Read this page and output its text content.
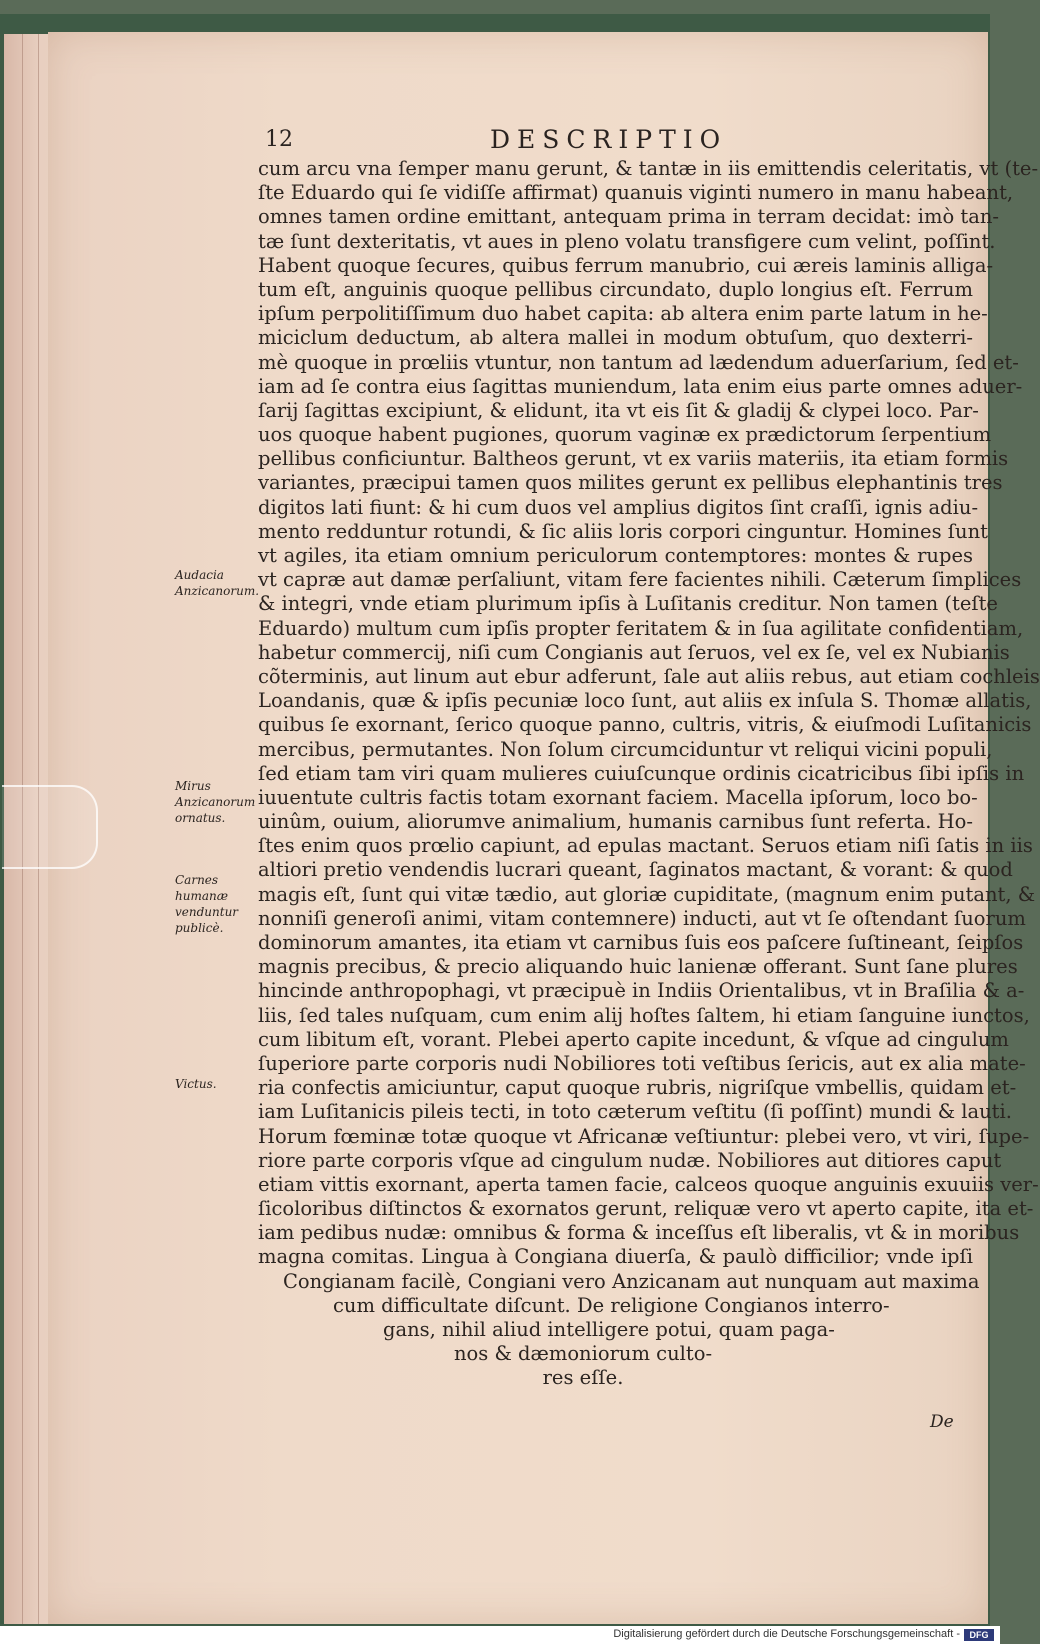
12	DESCRIPTIO
cum arcu vna ſemper manu gerunt, & tantæ in iis emittendis celeritatis, vt (te-
ſte Eduardo qui ſe vidiſſe affirmat) quanuis viginti numero in manu habeant,
omnes tamen ordine emittant, antequam prima in terram decidat: imò tan-
tæ ſunt dexteritatis, vt aues in pleno volatu transfigere cum velint, poſſint.
Habent quoque ſecures, quibus ferrum manubrio, cui æreis laminis alliga-
tum eſt, anguinis quoque pellibus circundato, duplo longius eſt. Ferrum
ipſum perpolitiſſimum duo habet capita: ab altera enim parte latum in he-
miciclum deductum, ab altera mallei in modum obtuſum, quo dexterri-
mè quoque in prœliis vtuntur, non tantum ad lædendum aduerſarium, ſed et-
iam ad ſe contra eius ſagittas muniendum, lata enim eius parte omnes aduer-
ſarij ſagittas excipiunt, & elidunt, ita vt eis ſit & gladij & clypei loco. Par-
uos quoque habent pugiones, quorum vaginæ ex prædictorum ſerpentium
pellibus conficiuntur. Baltheos gerunt, vt ex variis materiis, ita etiam formis
variantes, præcipui tamen quos milites gerunt ex pellibus elephantinis tres
digitos lati fiunt: & hi cum duos vel amplius digitos ſint craſſi, ignis adiu-
mento redduntur rotundi, & ſic aliis loris corpori cinguntur. Homines ſunt
vt agiles, ita etiam omnium periculorum contemptores: montes & rupes
vt capræ aut damæ perſaliunt, vitam fere facientes nihili. Cæterum ſimplices
& integri, vnde etiam plurimum ipſis à Luſitanis creditur. Non tamen (teſte
Eduardo) multum cum ipſis propter feritatem & in ſua agilitate confidentiam,
habetur commercij, niſi cum Congianis aut ſeruos, vel ex ſe, vel ex Nubianis
cõterminis, aut linum aut ebur adferunt, ſale aut aliis rebus, aut etiam cochleis
Loandanis, quæ & ipſis pecuniæ loco ſunt, aut aliis ex inſula S. Thomæ allatis,
quibus ſe exornant, ſerico quoque panno, cultris, vitris, & eiuſmodi Luſitanicis
mercibus, permutantes. Non ſolum circumciduntur vt reliqui vicini populi,
ſed etiam tam viri quam mulieres cuiuſcunque ordinis cicatricibus ſibi ipſis in
iuuentute cultris factis totam exornant faciem. Macella ipſorum, loco bo-
uinûm, ouium, aliorumve animalium, humanis carnibus ſunt referta. Ho-
ſtes enim quos prœlio capiunt, ad epulas mactant. Seruos etiam niſi ſatis in iis
altiori pretio vendendis lucrari queant, ſaginatos mactant, & vorant: & quod
magis eſt, ſunt qui vitæ tædio, aut gloriæ cupiditate, (magnum enim putant, &
nonniſi generoſi animi, vitam contemnere) inducti, aut vt ſe oſtendant ſuorum
dominorum amantes, ita etiam vt carnibus ſuis eos paſcere ſuſtineant, ſeipſos
magnis precibus, & precio aliquando huic lanienæ offerant. Sunt ſane plures
hincinde anthropophagi, vt præcipuè in Indiis Orientalibus, vt in Braſilia & a-
liis, ſed tales nuſquam, cum enim alij hoſtes ſaltem, hi etiam ſanguine iunctos,
cum libitum eſt, vorant. Plebei aperto capite incedunt, & vſque ad cingulum
ſuperiore parte corporis nudi Nobiliores toti veſtibus ſericis, aut ex alia mate-
ria confectis amiciuntur, caput quoque rubris, nigriſque vmbellis, quidam et-
iam Luſitanicis pileis tecti, in toto cæterum veſtitu (ſi poſſint) mundi & lauti.
Horum fœminæ totæ quoque vt Africanæ veſtiuntur: plebei vero, vt viri, ſupe-
riore parte corporis vſque ad cingulum nudæ. Nobiliores aut ditiores caput
etiam vittis exornant, aperta tamen facie, calceos quoque anguinis exuuiis ver-
ſicoloribus diſtinctos & exornatos gerunt, reliquæ vero vt aperto capite, ita et-
iam pedibus nudæ: omnibus & forma & inceſſus eſt liberalis, vt & in moribus
magna comitas. Lingua à Congiana diuerſa, & paulò difficilior; vnde ipſi
Congianam facilè, Congiani vero Anzicanam aut nunquam aut maxima
cum difficultate diſcunt. De religione Congianos interro-
gans, nihil aliud intelligere potui, quam paga-
nos & dæmoniorum culto-
res eſſe.
Audacia Anzicanorum.
Mirus Anzicanorum ornatus.
Carnes humanæ venduntur publicè.
Victus.
De
Digitalisierung gefördert durch die Deutsche Forschungsgemeinschaft -	DFG
